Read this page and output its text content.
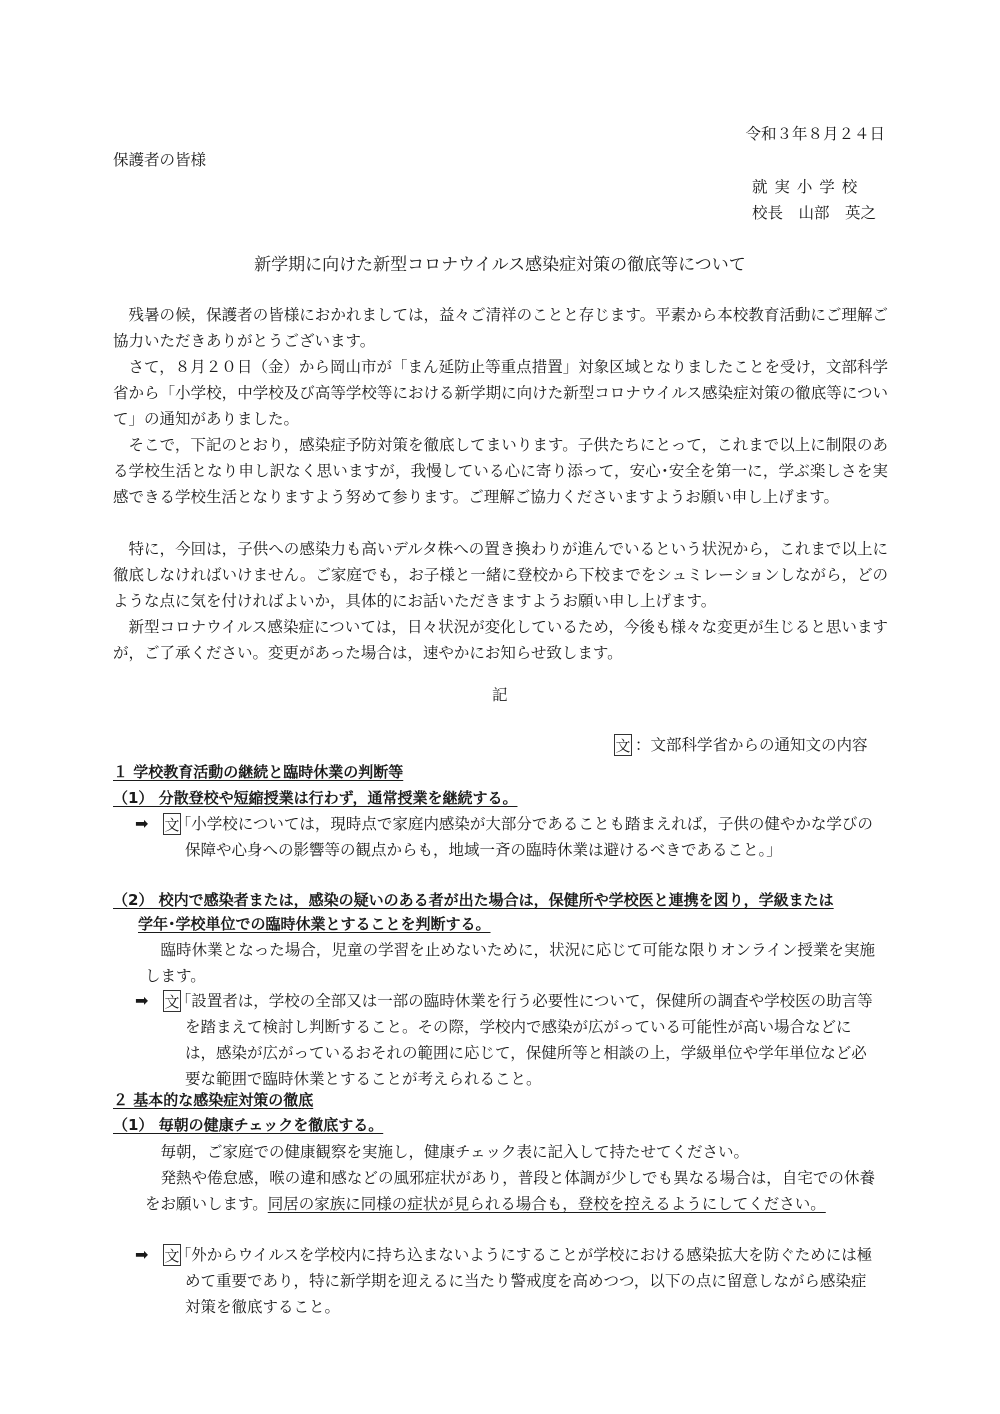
令和３年８月２４日

保護者の皆様

就 実 小 学 校

校長　山部　英之

新学期に向けた新型コロナウイルス感染症対策の徹底等について

残暑の候，保護者の皆様におかれましては，益々ご清祥のことと存じます。平素から本校教育活動にご理解ご協力いただきありがとうございます。

さて，８月２０日（金）から岡山市が「まん延防止等重点措置」対象区域となりましたことを受け，文部科学省から「小学校，中学校及び高等学校等における新学期に向けた新型コロナウイルス感染症対策の徹底等について」の通知がありました。

そこで，下記のとおり，感染症予防対策を徹底してまいります。子供たちにとって，これまで以上に制限のある学校生活となり申し訳なく思いますが，我慢している心に寄り添って，安心･安全を第一に，学ぶ楽しさを実感できる学校生活となりますよう努めて参ります。ご理解ご協力くださいますようお願い申し上げます。

特に，今回は，子供への感染力も高いデルタ株への置き換わりが進んでいるという状況から，これまで以上に徹底しなければいけません。ご家庭でも，お子様と一緒に登校から下校までをシュミレーションしながら，どのような点に気を付ければよいか，具体的にお話いただきますようお願い申し上げます。

新型コロナウイルス感染症については，日々状況が変化しているため，今後も様々な変更が生じると思いますが，ご了承ください。変更があった場合は，速やかにお知らせ致します。

記

文 ：文部科学省からの通知文の内容

１ 学校教育活動の継続と臨時休業の判断等

（1） 分散登校や短縮授業は行わず，通常授業を継続する。

➡ 文

「小学校については，現時点で家庭内感染が大部分であることも踏まえれば，子供の健やかな学びの保障や心身への影響等の観点からも，地域一斉の臨時休業は避けるべきであること。」

（2） 校内で感染者または，感染の疑いのある者が出た場合は，保健所や学校医と連携を図り，学級または

学年･学校単位での臨時休業とすることを判断する。

臨時休業となった場合，児童の学習を止めないために，状況に応じて可能な限りオンライン授業を実施します。

➡ 文

「設置者は，学校の全部又は一部の臨時休業を行う必要性について，保健所の調査や学校医の助言等を踏まえて検討し判断すること。その際，学校内で感染が広がっている可能性が高い場合などには，感染が広がっているおそれの範囲に応じて，保健所等と相談の上，学級単位や学年単位など必要な範囲で臨時休業とすることが考えられること。

２ 基本的な感染症対策の徹底

（1） 毎朝の健康チェックを徹底する。

毎朝，ご家庭での健康観察を実施し，健康チェック表に記入して持たせてください。

発熱や倦怠感，喉の違和感などの風邪症状があり，普段と体調が少しでも異なる場合は，自宅での休養をお願いします。同居の家族に同様の症状が見られる場合も，登校を控えるようにしてください。

➡ 文

「外からウイルスを学校内に持ち込まないようにすることが学校における感染拡大を防ぐためには極めて重要であり，特に新学期を迎えるに当たり警戒度を高めつつ，以下の点に留意しながら感染症対策を徹底すること。
